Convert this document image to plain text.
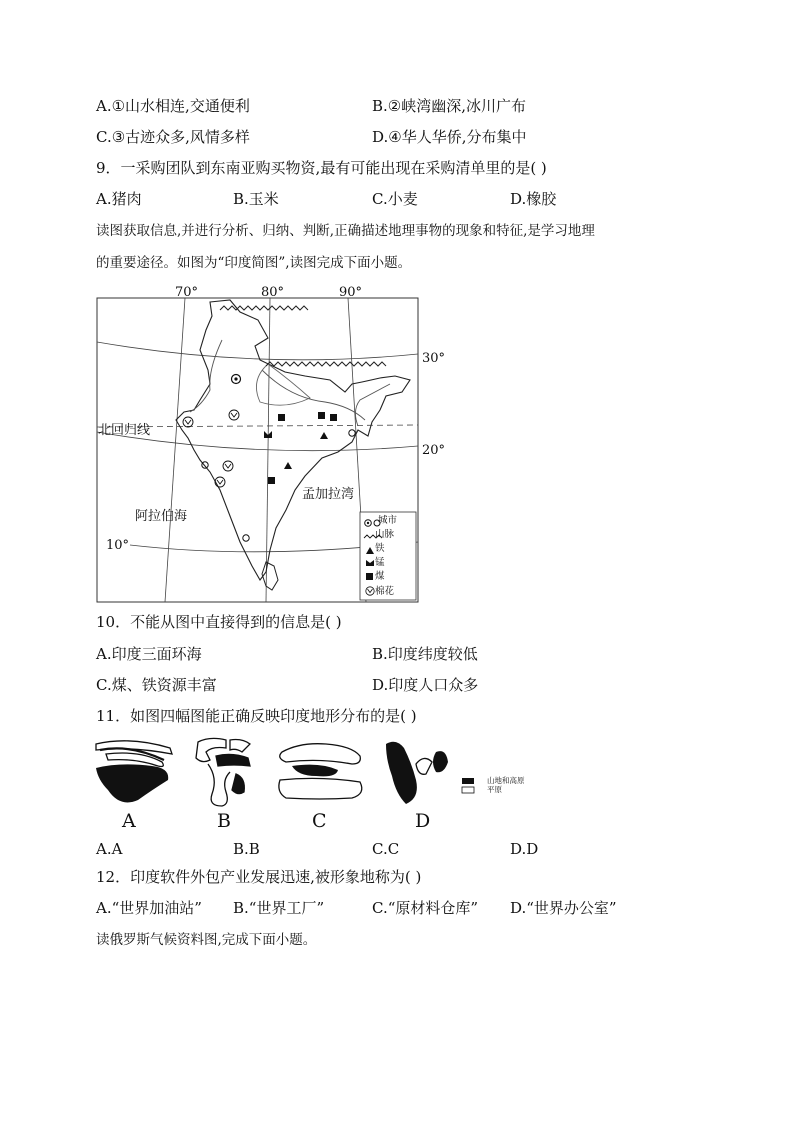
A.①山水相连,交通便利	B.②峡湾幽深,冰川广布
C.③古迹众多,风情多样	D.④华人华侨,分布集中
9．一采购团队到东南亚购买物资,最有可能出现在采购清单里的是( )
A.猪肉	B.玉米	C.小麦	D.橡胶
读图获取信息,并进行分析、归纳、判断,正确描述地理事物的现象和特征,是学习地理
的重要途径。如图为“印度简图”,读图完成下面小题。
70°	80°	90°
30°
20°
10°
北回归线
阿拉伯海
孟加拉湾
城市
山脉
铁
锰
煤
棉花
10．不能从图中直接得到的信息是( )
A.印度三面环海	B.印度纬度较低
C.煤、铁资源丰富	D.印度人口众多
11．如图四幅图能正确反映印度地形分布的是( )
山地和高原
平原
A	B	C	D
A.A	B.B	C.C	D.D
12．印度软件外包产业发展迅速,被形象地称为( )
A.“世界加油站” B.“世界工厂”	C.“原材料仓库” D.“世界办公室”
读俄罗斯气候资料图,完成下面小题。
